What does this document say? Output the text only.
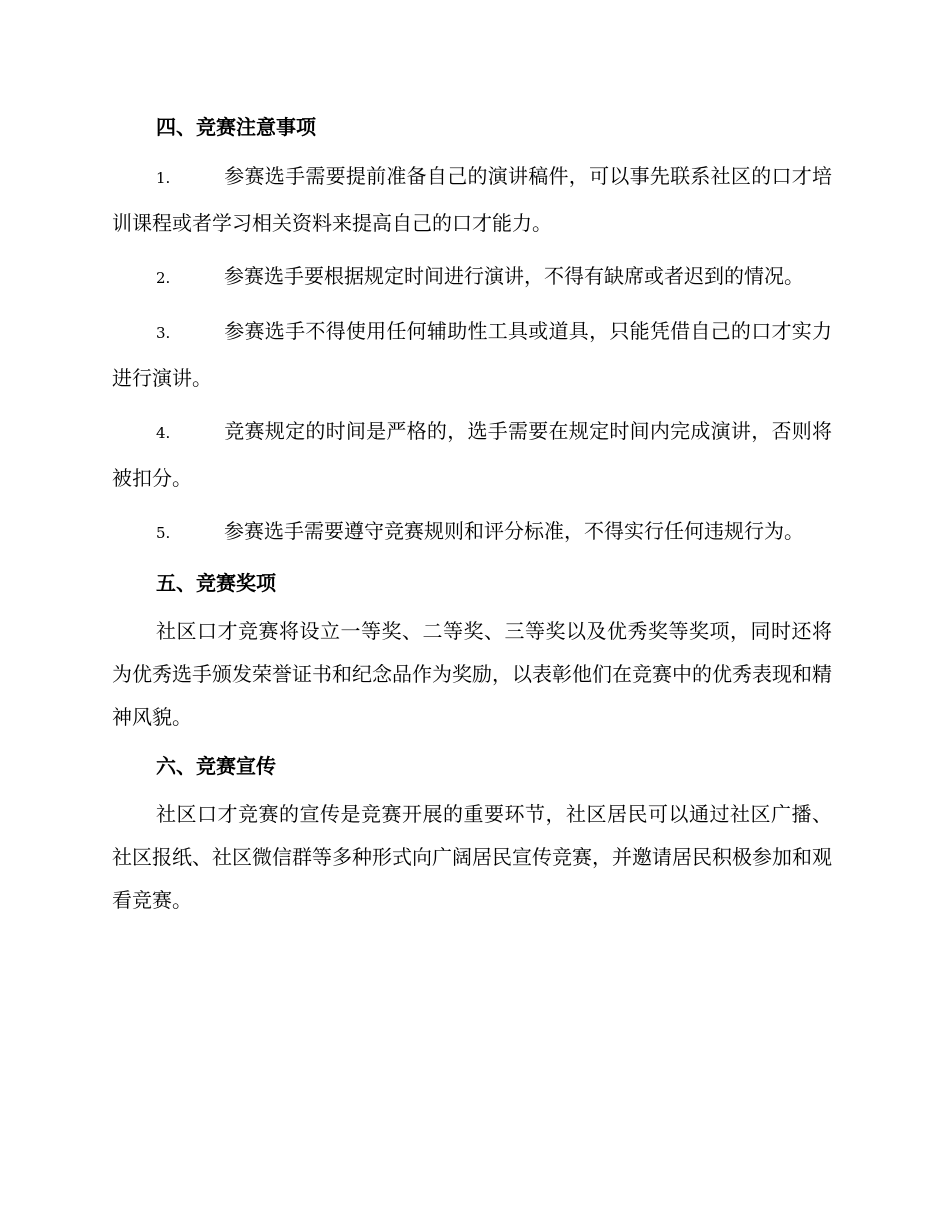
四、竞赛注意事项
1.	参赛选手需要提前准备自己的演讲稿件，可以事先联系社区的口才培训课程或者学习相关资料来提高自己的口才能力。
2.	参赛选手要根据规定时间进行演讲，不得有缺席或者迟到的情况。
3.	参赛选手不得使用任何辅助性工具或道具，只能凭借自己的口才实力进行演讲。
4.	竞赛规定的时间是严格的，选手需要在规定时间内完成演讲，否则将被扣分。
5.	参赛选手需要遵守竞赛规则和评分标准，不得实行任何违规行为。
五、竞赛奖项
社区口才竞赛将设立一等奖、二等奖、三等奖以及优秀奖等奖项，同时还将为优秀选手颁发荣誉证书和纪念品作为奖励，以表彰他们在竞赛中的优秀表现和精神风貌。
六、竞赛宣传
社区口才竞赛的宣传是竞赛开展的重要环节，社区居民可以通过社区广播、社区报纸、社区微信群等多种形式向广阔居民宣传竞赛，并邀请居民积极参加和观看竞赛。
